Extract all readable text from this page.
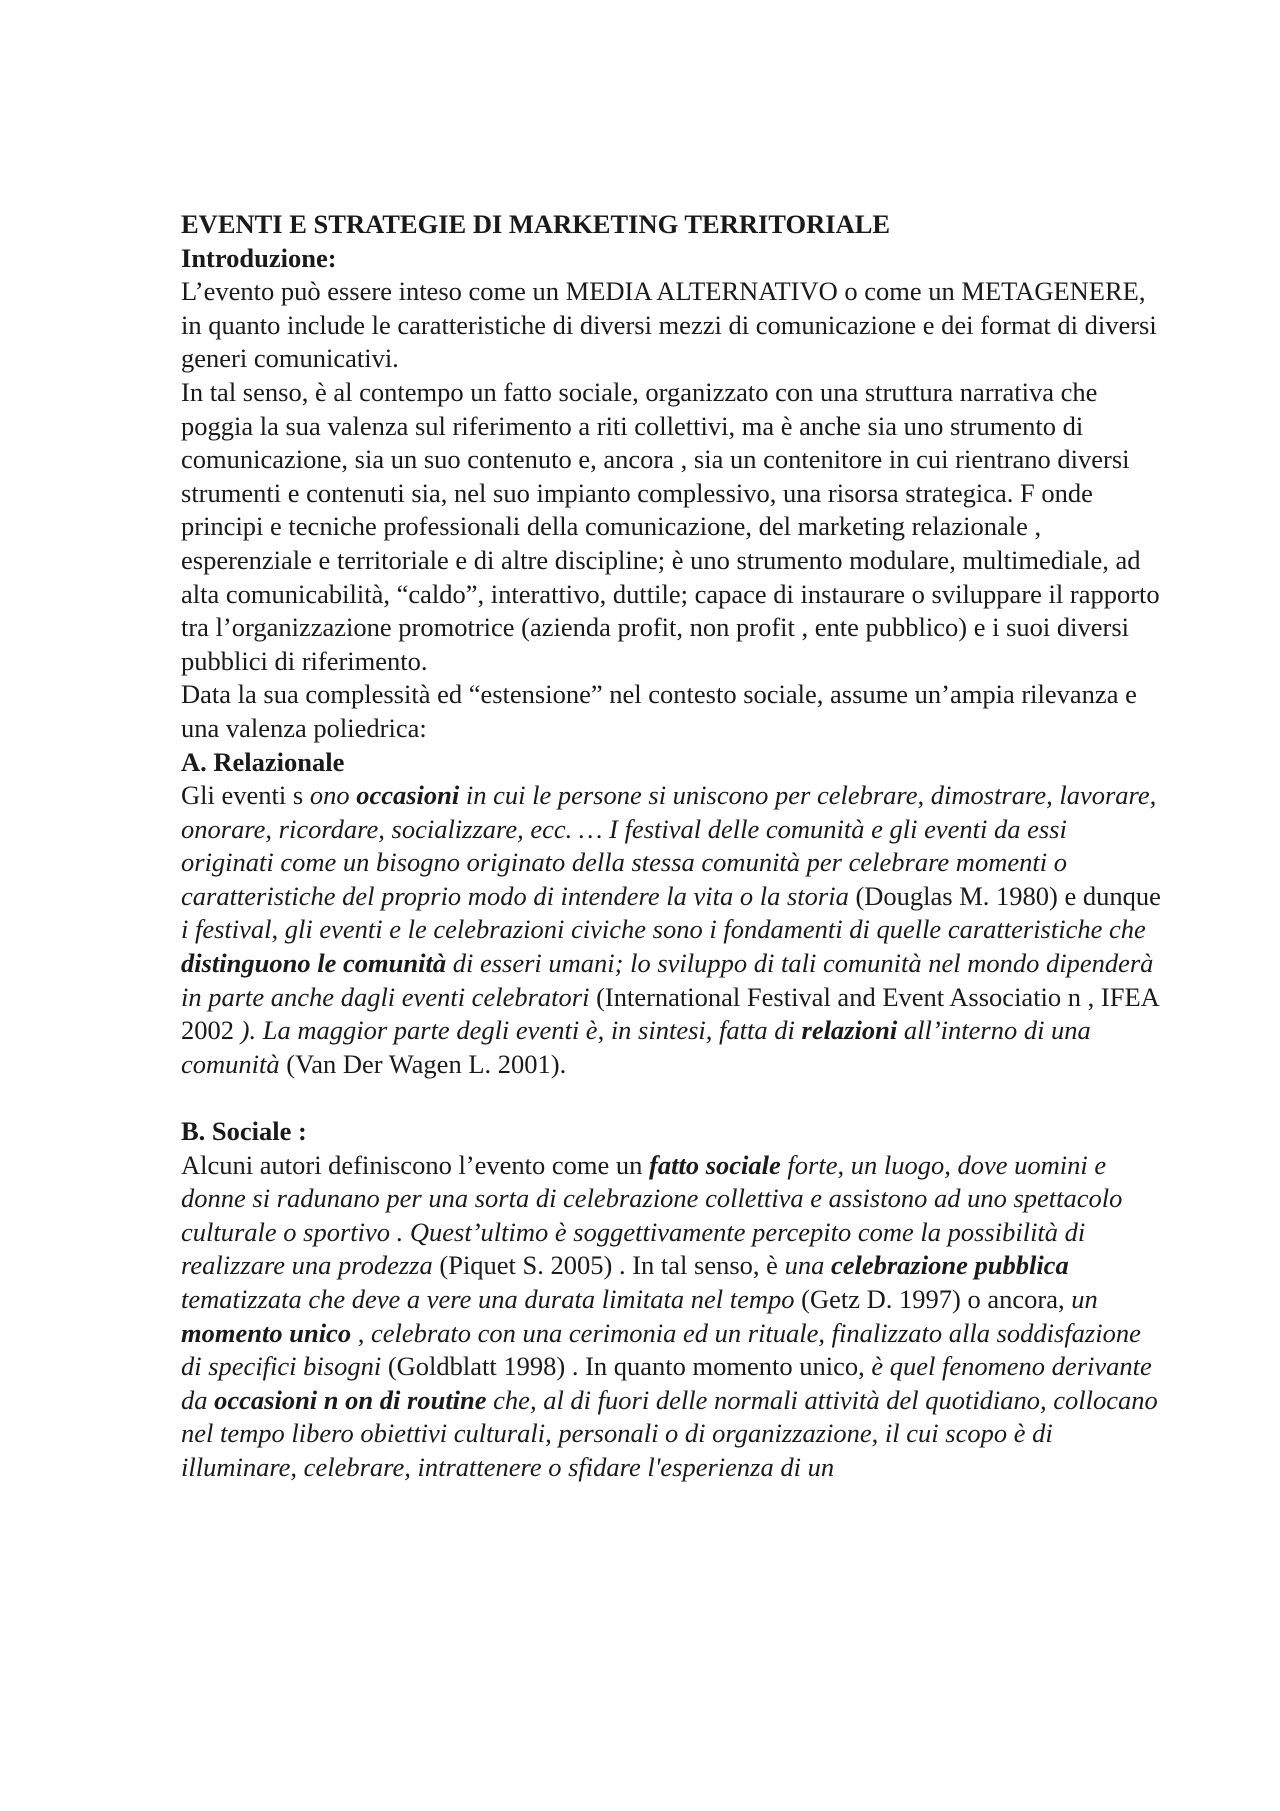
EVENTI E STRATEGIE DI MARKETING TERRITORIALE
Introduzione:

L’evento può essere inteso come un MEDIA ALTERNATIVO o come un METAGENERE, in quanto include le caratteristiche di diversi mezzi di comunicazione e dei format di diversi generi comunicativi.

In tal senso, è al contempo un fatto sociale, organizzato con una struttura narrativa che poggia la sua valenza sul riferimento a riti collettivi, ma è anche sia uno strumento di comunicazione, sia un suo contenuto e, ancora , sia un contenitore in cui rientrano diversi strumenti e contenuti sia, nel suo impianto complessivo, una risorsa strategica. F onde principi e tecniche professionali della comunicazione, del marketing relazionale , esperenziale e territoriale e di altre discipline; è uno strumento modulare, multimediale, ad alta comunicabilità, “caldo”, interattivo, duttile; capace di instaurare o sviluppare il rapporto tra l’organizzazione promotrice (azienda profit, non profit , ente pubblico) e i suoi diversi pubblici di riferimento.

Data la sua complessità ed “estensione” nel contesto sociale, assume un’ampia rilevanza e una valenza poliedrica:

A. Relazionale

Gli eventi s ono occasioni in cui le persone si uniscono per celebrare, dimostrare, lavorare, onorare, ricordare, socializzare, ecc. … I festival delle comunità e gli eventi da essi originati come un bisogno originato della stessa comunità per celebrare momenti o caratteristiche del proprio modo di intendere la vita o la storia (Douglas M. 1980) e dunque i festival, gli eventi e le celebrazioni civiche sono i fondamenti di quelle caratteristiche che distinguono le comunità di esseri umani; lo sviluppo di tali comunità nel mondo dipenderà in parte anche dagli eventi celebratori (International Festival and Event Associatio n , IFEA 2002 ). La maggior parte degli eventi è, in sintesi, fatta di relazioni all’interno di una comunità (Van Der Wagen L. 2001).

B. Sociale :

Alcuni autori definiscono l’evento come un fatto sociale forte, un luogo, dove uomini e donne si radunano per una sorta di celebrazione collettiva e assistono ad uno spettacolo culturale o sportivo . Quest’ultimo è soggettivamente percepito come la possibilità di realizzare una prodezza (Piquet S. 2005) . In tal senso, è una celebrazione pubblica tematizzata che deve a vere una durata limitata nel tempo (Getz D. 1997) o ancora, un momento unico , celebrato con una cerimonia ed un rituale, finalizzato alla soddisfazione di specifici bisogni (Goldblatt 1998) . In quanto momento unico, è quel fenomeno derivante da occasioni n on di routine che, al di fuori delle normali attività del quotidiano, collocano nel tempo libero obiettivi culturali, personali o di organizzazione, il cui scopo è di illuminare, celebrare, intrattenere o sfidare l'esperienza di un
